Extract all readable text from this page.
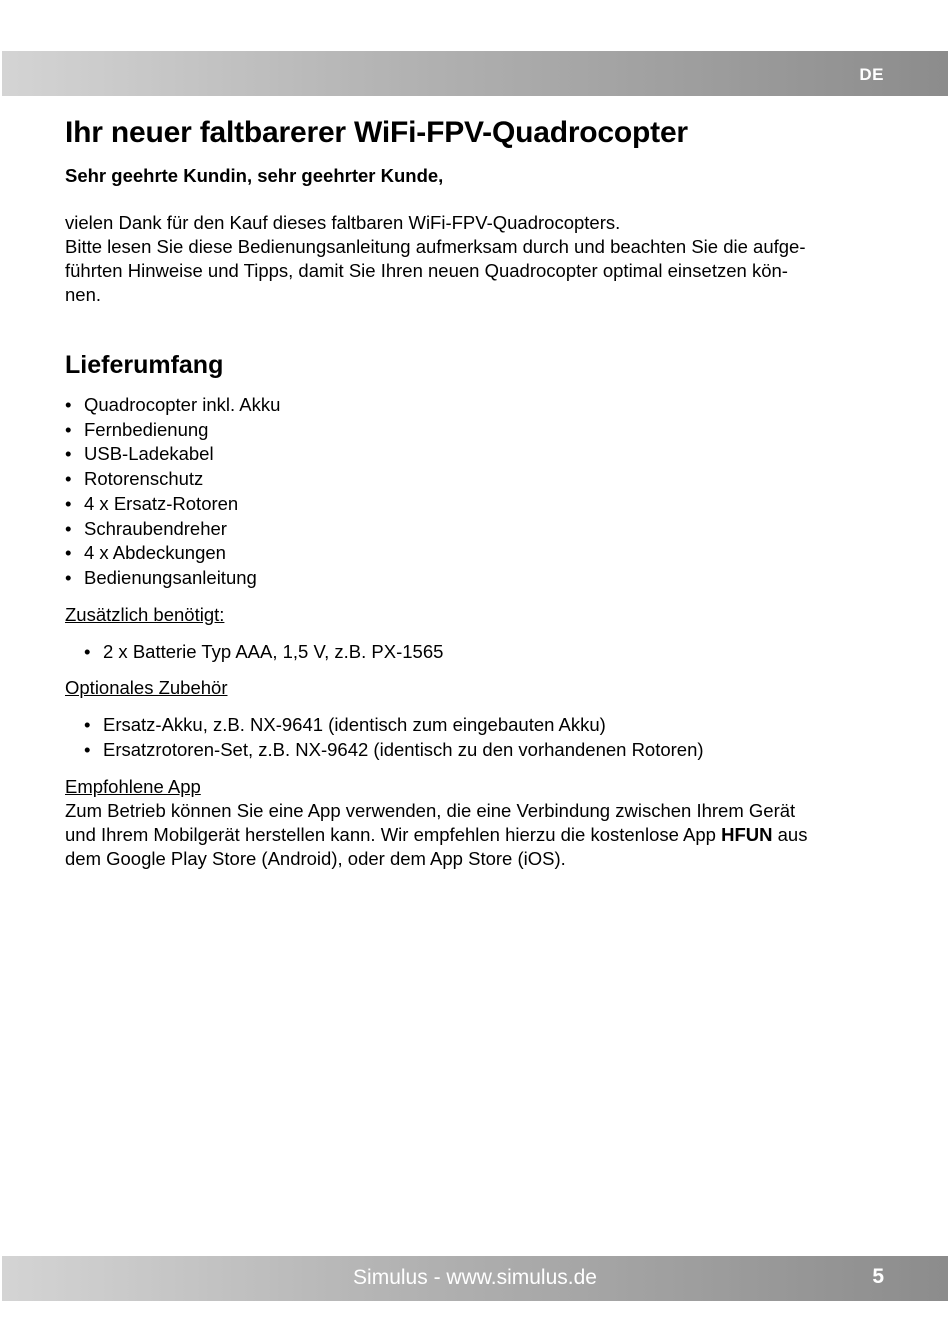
DE
Ihr neuer faltbarerer WiFi-FPV-Quadrocopter

Sehr geehrte Kundin, sehr geehrter Kunde,

vielen Dank für den Kauf dieses faltbaren WiFi-FPV-Quadrocopters.

Bitte lesen Sie diese Bedienungsanleitung aufmerksam durch und beachten Sie die aufge-

führten Hinweise und Tipps, damit Sie Ihren neuen Quadrocopter optimal einsetzen kön-

nen.

Lieferumfang
• Quadrocopter inkl. Akku
• Fernbedienung
• USB-Ladekabel
• Rotorenschutz
• 4 x Ersatz-Rotoren
• Schraubendreher
• 4 x Abdeckungen
• Bedienungsanleitung
Zusätzlich benötigt:
• 2 x Batterie Typ AAA, 1,5 V, z.B. PX-1565
Optionales Zubehör
• Ersatz-Akku, z.B. NX-9641 (identisch zum eingebauten Akku)
• Ersatzrotoren-Set, z.B. NX-9642 (identisch zu den vorhandenen Rotoren)
Empfohlene App

Zum Betrieb können Sie eine App verwenden, die eine Verbindung zwischen Ihrem Gerät

und Ihrem Mobilgerät herstellen kann. Wir empfehlen hierzu die kostenlose App HFUN aus

dem Google Play Store (Android), oder dem App Store (iOS).

Simulus - www.simulus.de	5
